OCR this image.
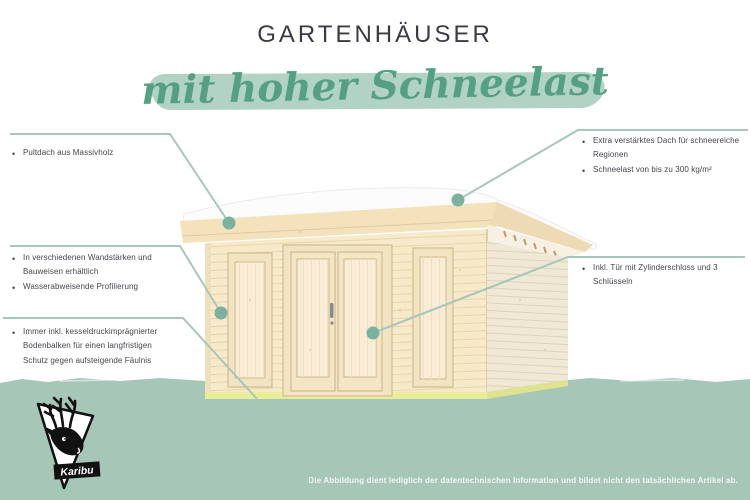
Karibu
GARTENHÄUSER
mit hoher Schneelast
• Pultdach aus Massivholz
• In verschiedenen Wandstärken und Bauweisen erhältlich
• Wasserabweisende Profilierung
• Immer inkl. kesseldruckimprägnierter Bodenbalken für einen langfristigen Schutz gegen aufsteigende Fäulnis
• Extra verstärktes Dach für schneereiche Regionen
• Schneelast von bis zu 300 kg/m²
• Inkl. Tür mit Zylinderschloss und 3 Schlüsseln
Die Abbildung dient lediglich der datentechnischen Information und bildet nicht den tatsächlichen Artikel ab.
